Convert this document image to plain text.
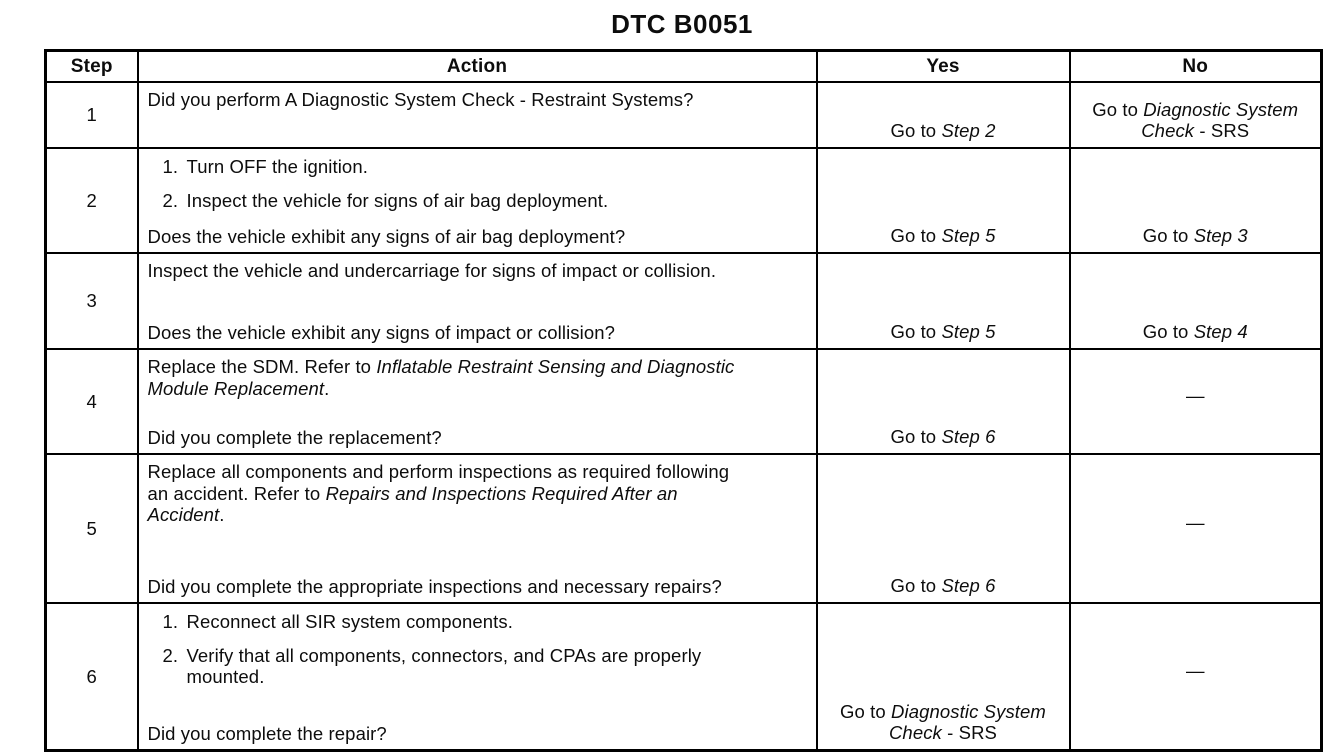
DTC B0051
Step	Action	Yes	No
1	Did you perform A Diagnostic System Check - Restraint Systems?	Go to Step 2	Go to Diagnostic System Check - SRS
2	1. Turn OFF the ignition.
2. Inspect the vehicle for signs of air bag deployment.
Does the vehicle exhibit any signs of air bag deployment?	Go to Step 5	Go to Step 3
3	Inspect the vehicle and undercarriage for signs of impact or collision.
Does the vehicle exhibit any signs of impact or collision?	Go to Step 5	Go to Step 4
4	Replace the SDM. Refer to Inflatable Restraint Sensing and Diagnostic Module Replacement.
Did you complete the replacement?	Go to Step 6	—
5	Replace all components and perform inspections as required following an accident. Refer to Repairs and Inspections Required After an Accident.
Did you complete the appropriate inspections and necessary repairs?	Go to Step 6	—
6	1. Reconnect all SIR system components.
2. Verify that all components, connectors, and CPAs are properly mounted.
Did you complete the repair?	Go to Diagnostic System Check - SRS	—
